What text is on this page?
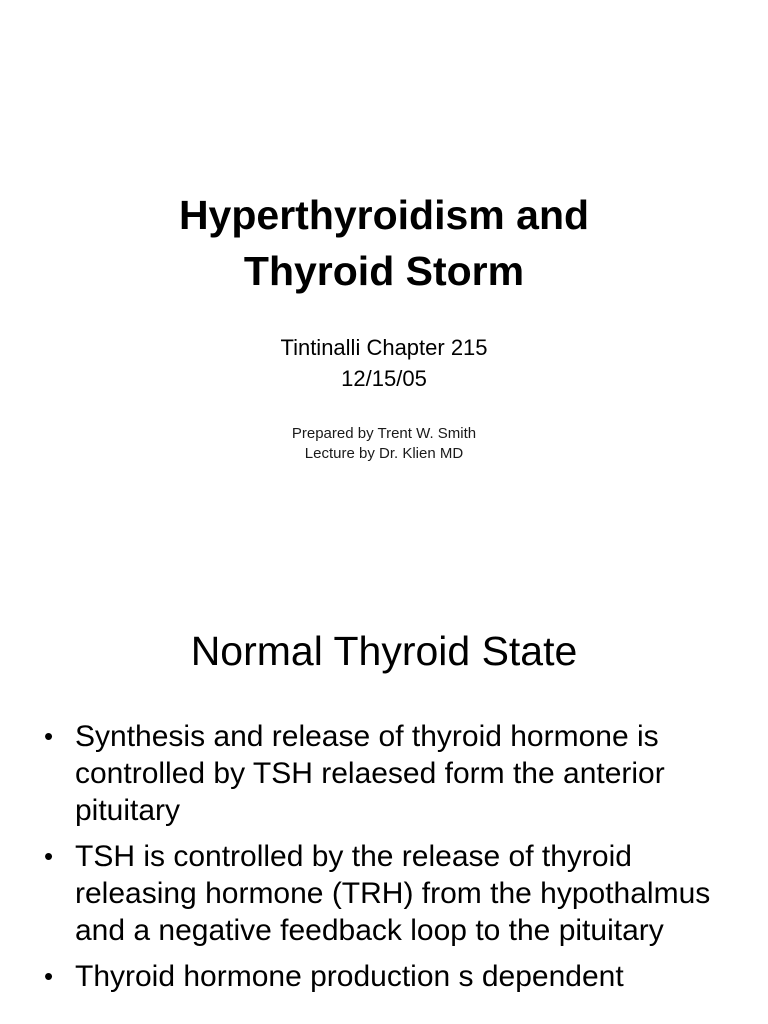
Hyperthyroidism and
Thyroid Storm
Tintinalli Chapter 215
12/15/05
Prepared by Trent W. Smith
Lecture by Dr. Klien MD
Normal Thyroid State
• Synthesis and release of thyroid hormone is controlled by TSH relaesed form the anterior pituitary
• TSH is controlled by the release of thyroid releasing hormone (TRH) from the hypothalmus and a negative feedback loop to the pituitary
• Thyroid hormone production s dependent
